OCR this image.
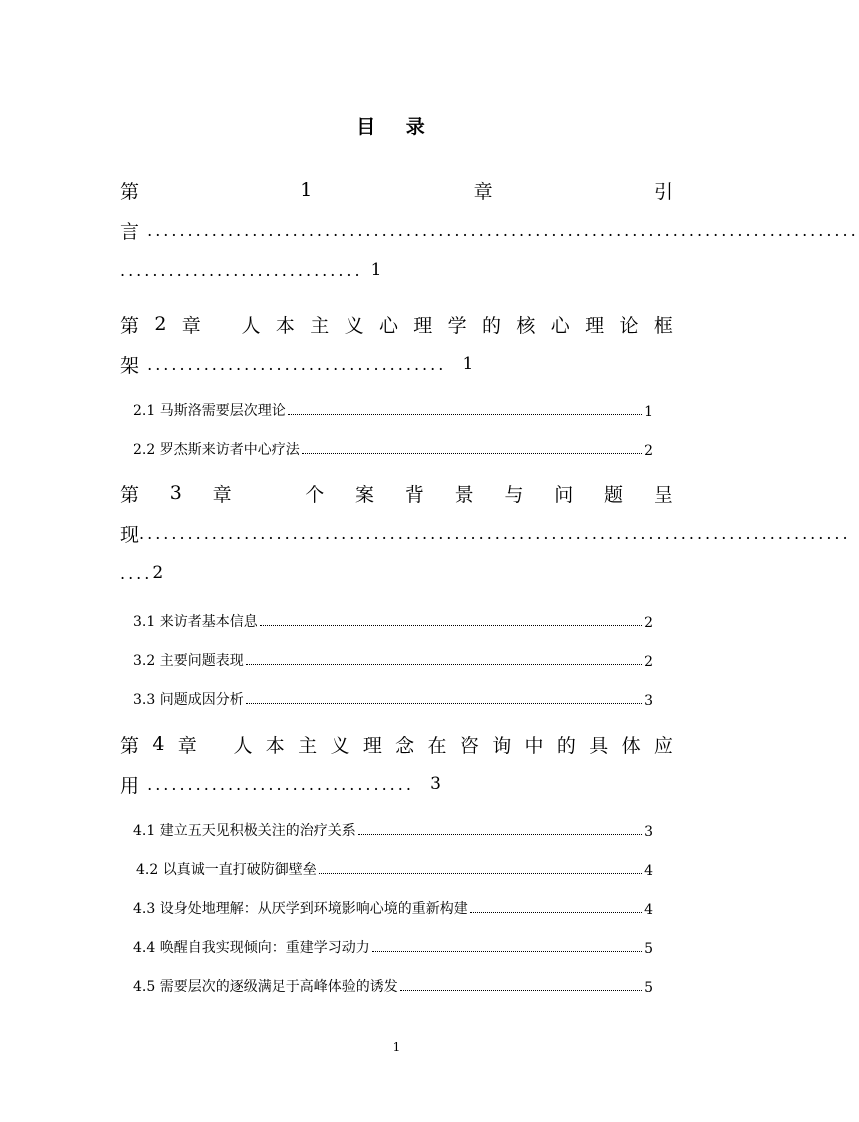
目 录
第	1	章	引
言 ........................................................................................
.............................. 1
第 2 章 人 本 主 义 心 理 学 的 核 心 理 论 框
架 ..................................... 1
2.1 马斯洛需要层次理论	1
2.2 罗杰斯来访者中心疗法	2
第 3 章	个 案 背 景 与 问 题 呈
现 ........................................................................................
.... 2
3.1 来访者基本信息	2
3.2 主要问题表现	2
3.3 问题成因分析	3
第 4 章 人 本 主 义 理 念 在 咨 询 中 的 具 体 应
用 ................................. 3
4.1 建立五天见积极关注的治疗关系	3
4.2 以真诚一直打破防御壁垒	4
4.3 设身处地理解：从厌学到环境影响心境的重新构建	4
4.4 唤醒自我实现倾向：重建学习动力	5
4.5 需要层次的逐级满足于高峰体验的诱发	5
1
